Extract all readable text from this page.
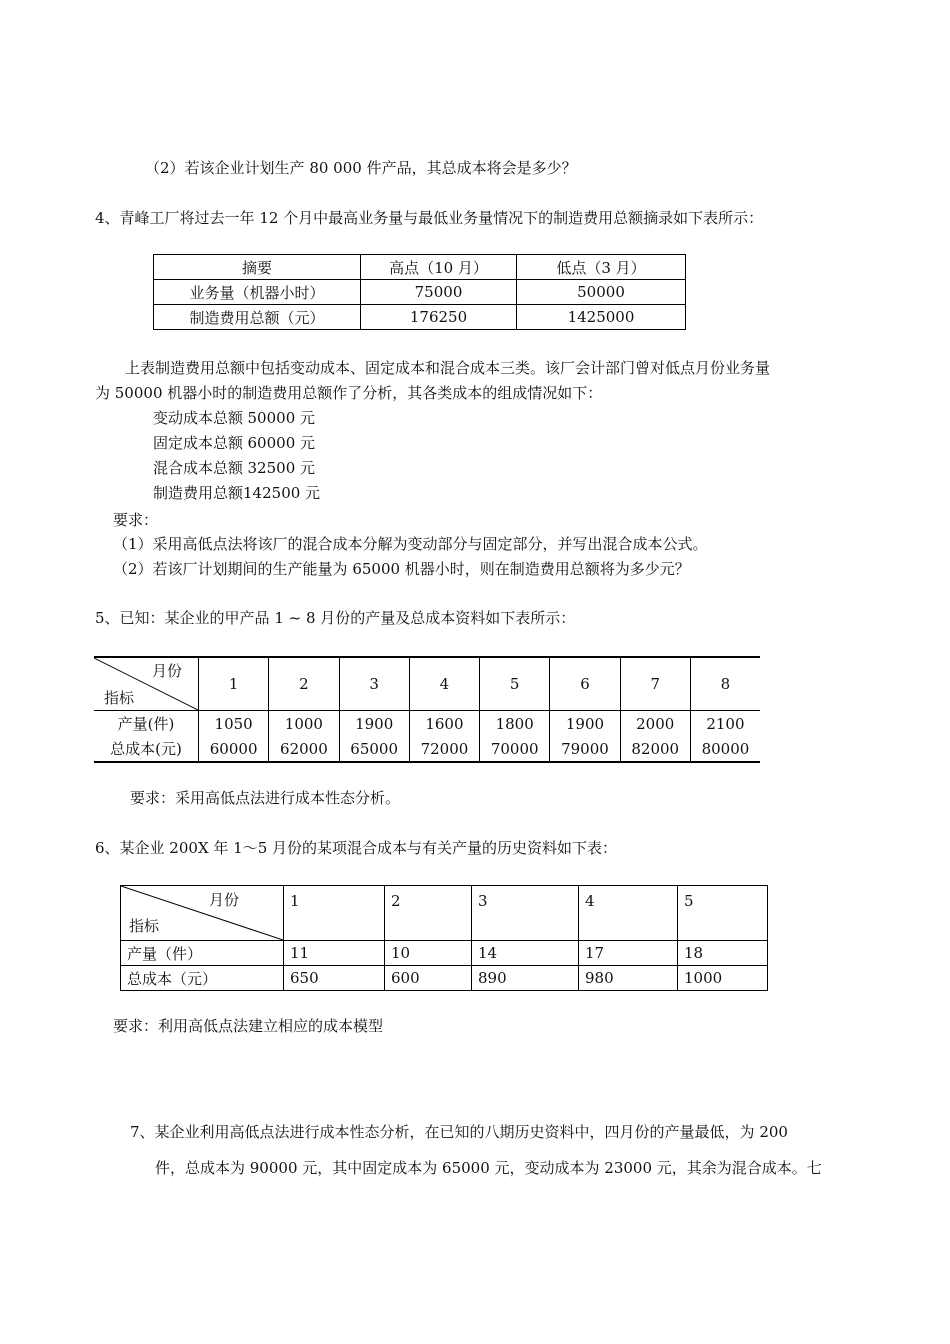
（2）若该企业计划生产 80 000 件产品，其总成本将会是多少？
4、青峰工厂将过去一年 12 个月中最高业务量与最低业务量情况下的制造费用总额摘录如下表所示：
摘要	高点（10 月）	低点（3 月）
业务量（机器小时）	75000	50000
制造费用总额（元）	176250	1425000
上表制造费用总额中包括变动成本、固定成本和混合成本三类。该厂会计部门曾对低点月份业务量
为 50000 机器小时的制造费用总额作了分析，其各类成本的组成情况如下：
变动成本总额 50000 元
固定成本总额 60000 元
混合成本总额 32500 元
制造费用总额142500 元
要求：
（1）采用高低点法将该厂的混合成本分解为变动部分与固定部分，并写出混合成本公式。
（2）若该厂计划期间的生产能量为 65000 机器小时，则在制造费用总额将为多少元？
5、已知：某企业的甲产品 1 ~ 8 月份的产量及总成本资料如下表所示：
月份
指标	1	2	3	4	5	6	7	8
产量(件)	1050	1000	1900	1600	1800	1900	2000	2100
总成本(元)	60000	62000	65000	72000	70000	79000	82000	80000
要求：采用高低点法进行成本性态分析。
6、某企业 200X 年 1～5 月份的某项混合成本与有关产量的历史资料如下表：
月份
指标	1	2	3	4	5
产量（件）	11	10	14	17	18
总成本（元）	650	600	890	980	1000
要求：利用高低点法建立相应的成本模型
7、某企业利用高低点法进行成本性态分析，在已知的八期历史资料中，四月份的产量最低，为 200
件，总成本为 90000 元，其中固定成本为 65000 元，变动成本为 23000 元，其余为混合成本。七
